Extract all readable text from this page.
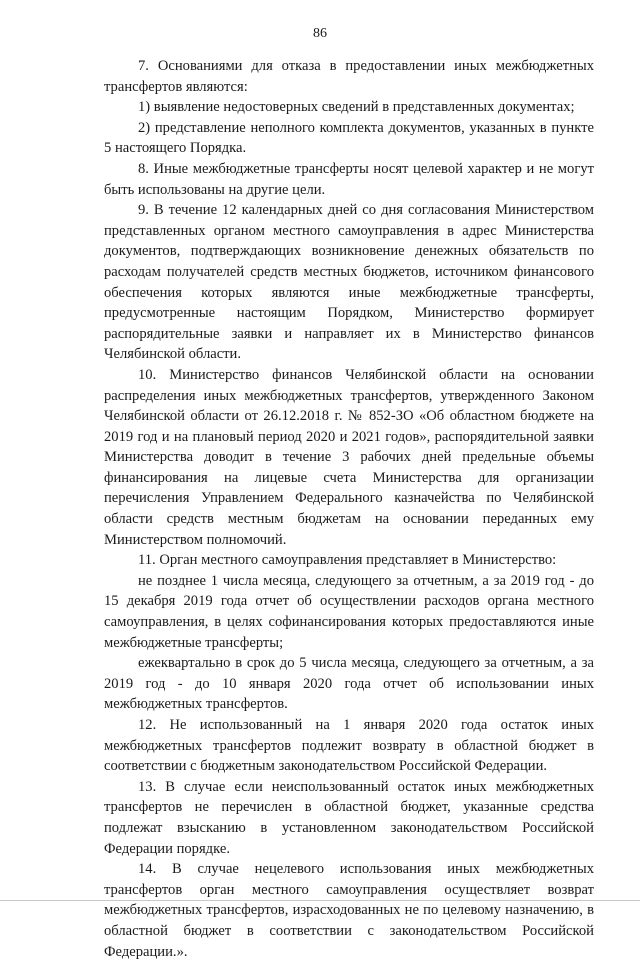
86

7. Основаниями для отказа в предоставлении иных межбюджетных трансфертов являются:

1) выявление недостоверных сведений в представленных документах;

2) представление неполного комплекта документов, указанных в пункте 5 настоящего Порядка.

8. Иные межбюджетные трансферты носят целевой характер и не могут быть использованы на другие цели.

9. В течение 12 календарных дней со дня согласования Министерством представленных органом местного самоуправления в адрес Министерства документов, подтверждающих возникновение денежных обязательств по расходам получателей средств местных бюджетов, источником финансового обеспечения которых являются иные межбюджетные трансферты, предусмотренные настоящим Порядком, Министерство формирует распорядительные заявки и направляет их в Министерство финансов Челябинской области.

10. Министерство финансов Челябинской области на основании распределения иных межбюджетных трансфертов, утвержденного Законом Челябинской области от 26.12.2018 г. № 852-ЗО «Об областном бюджете на 2019 год и на плановый период 2020 и 2021 годов», распорядительной заявки Министерства доводит в течение 3 рабочих дней предельные объемы финансирования на лицевые счета Министерства для организации перечисления Управлением Федерального казначейства по Челябинской области средств местным бюджетам на основании переданных ему Министерством полномочий.

11. Орган местного самоуправления представляет в Министерство:

не позднее 1 числа месяца, следующего за отчетным, а за 2019 год - до 15 декабря 2019 года отчет об осуществлении расходов органа местного самоуправления, в целях софинансирования которых предоставляются иные межбюджетные трансферты;

ежеквартально в срок до 5 числа месяца, следующего за отчетным, а за 2019 год - до 10 января 2020 года отчет об использовании иных межбюджетных трансфертов.

12. Не использованный на 1 января 2020 года остаток иных межбюджетных трансфертов подлежит возврату в областной бюджет в соответствии с бюджетным законодательством Российской Федерации.

13. В случае если неиспользованный остаток иных межбюджетных трансфертов не перечислен в областной бюджет, указанные средства подлежат взысканию в установленном законодательством Российской Федерации порядке.

14. В случае нецелевого использования иных межбюджетных трансфертов орган местного самоуправления осуществляет возврат межбюджетных трансфертов, израсходованных не по целевому назначению, в областной бюджет в соответствии с законодательством Российской Федерации.».
